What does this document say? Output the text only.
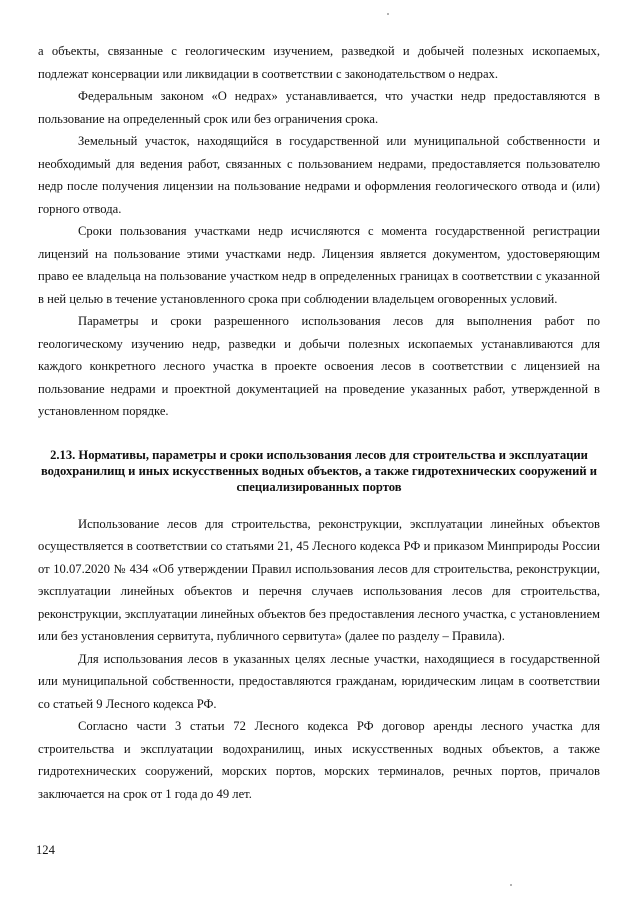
а объекты, связанные с геологическим изучением, разведкой и добычей полезных ископаемых, подлежат консервации или ликвидации в соответствии с законодательством о недрах.

Федеральным законом «О недрах» устанавливается, что участки недр предоставляются в пользование на определенный срок или без ограничения срока.

Земельный участок, находящийся в государственной или муниципальной собственности и необходимый для ведения работ, связанных с пользованием недрами, предоставляется пользователю недр после получения лицензии на пользование недрами и оформления геологического отвода и (или) горного отвода.

Сроки пользования участками недр исчисляются с момента государственной регистрации лицензий на пользование этими участками недр. Лицензия является документом, удостоверяющим право ее владельца на пользование участком недр в определенных границах в соответствии с указанной в ней целью в течение установленного срока при соблюдении владельцем оговоренных условий.

Параметры и сроки разрешенного использования лесов для выполнения работ по геологическому изучению недр, разведки и добычи полезных ископаемых устанавливаются для каждого конкретного лесного участка в проекте освоения лесов в соответствии с лицензией на пользование недрами и проектной документацией на проведение указанных работ, утвержденной в установленном порядке.

2.13. Нормативы, параметры и сроки использования лесов для строительства и эксплуатации водохранилищ и иных искусственных водных объектов, а также гидротехнических сооружений и специализированных портов

Использование лесов для строительства, реконструкции, эксплуатации линейных объектов осуществляется в соответствии со статьями 21, 45 Лесного кодекса РФ и приказом Минприроды России от 10.07.2020 № 434 «Об утверждении Правил использования лесов для строительства, реконструкции, эксплуатации линейных объектов и перечня случаев использования лесов для строительства, реконструкции, эксплуатации линейных объектов без предоставления лесного участка, с установлением или без установления сервитута, публичного сервитута» (далее по разделу – Правила).

Для использования лесов в указанных целях лесные участки, находящиеся в государственной или муниципальной собственности, предоставляются гражданам, юридическим лицам в соответствии со статьей 9 Лесного кодекса РФ.

Согласно части 3 статьи 72 Лесного кодекса РФ договор аренды лесного участка для строительства и эксплуатации водохранилищ, иных искусственных водных объектов, а также гидротехнических сооружений, морских портов, морских терминалов, речных портов, причалов заключается на срок от 1 года до 49 лет.

124
